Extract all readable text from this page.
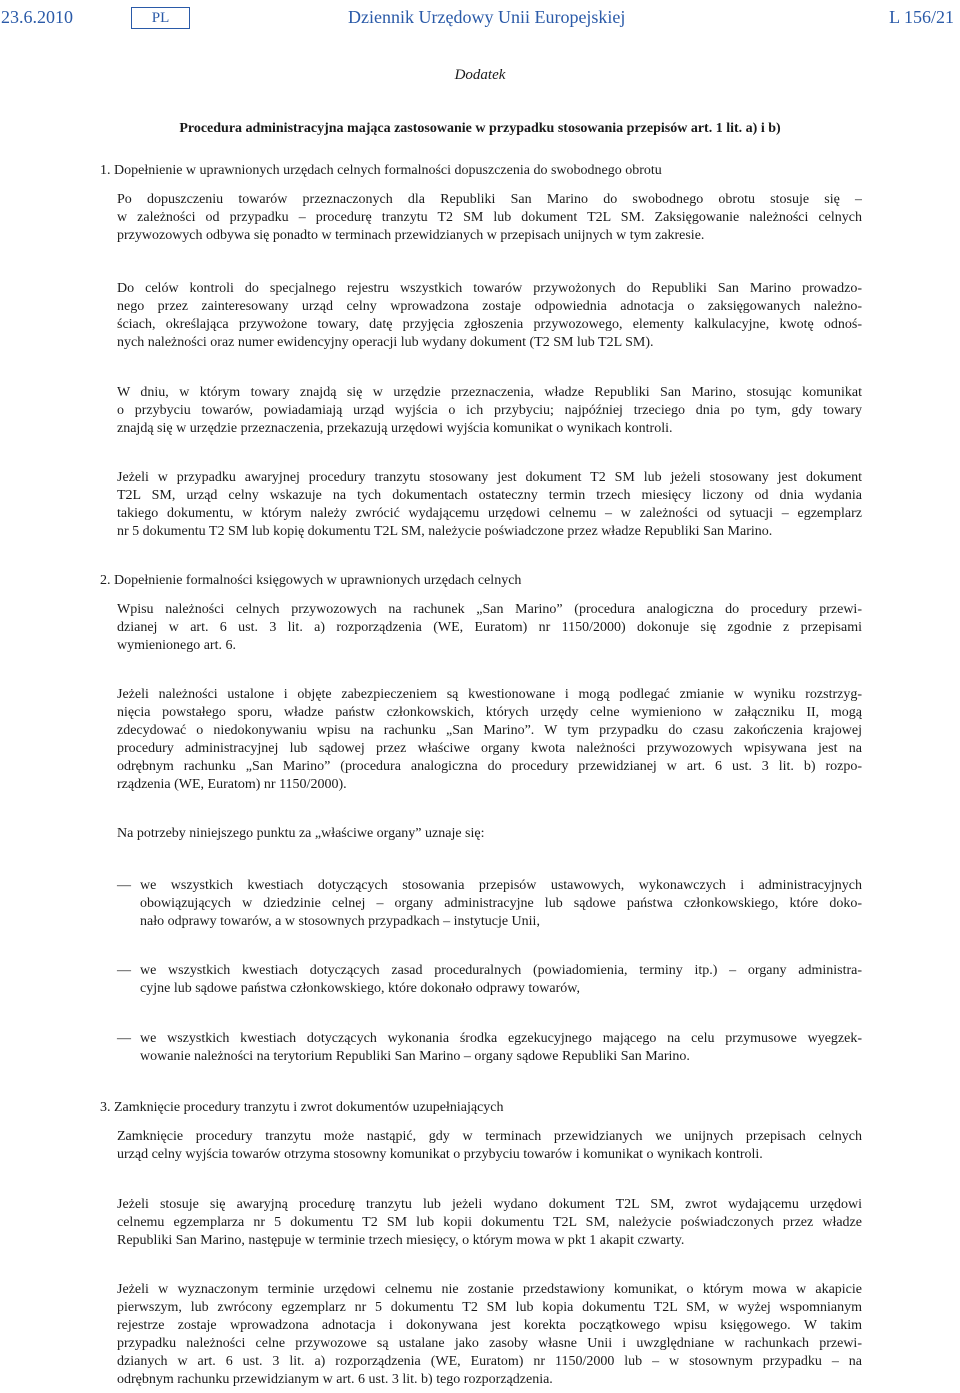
23.6.2010	PL	Dziennik Urzędowy Unii Europejskiej	L 156/21
Dodatek
Procedura administracyjna mająca zastosowanie w przypadku stosowania przepisów art. 1 lit. a) i b)
1. Dopełnienie w uprawnionych urzędach celnych formalności dopuszczenia do swobodnego obrotu
Po dopuszczeniu towarów przeznaczonych dla Republiki San Marino do swobodnego obrotu stosuje się –
w zależności od przypadku – procedurę tranzytu T2 SM lub dokument T2L SM. Zaksięgowanie należności celnych
przywozowych odbywa się ponadto w terminach przewidzianych w przepisach unijnych w tym zakresie.
Do celów kontroli do specjalnego rejestru wszystkich towarów przywożonych do Republiki San Marino prowadzo-
nego przez zainteresowany urząd celny wprowadzona zostaje odpowiednia adnotacja o zaksięgowanych należno-
ściach, określająca przywożone towary, datę przyjęcia zgłoszenia przywozowego, elementy kalkulacyjne, kwotę odnoś-
nych należności oraz numer ewidencyjny operacji lub wydany dokument (T2 SM lub T2L SM).
W dniu, w którym towary znajdą się w urzędzie przeznaczenia, władze Republiki San Marino, stosując komunikat
o przybyciu towarów, powiadamiają urząd wyjścia o ich przybyciu; najpóźniej trzeciego dnia po tym, gdy towary
znajdą się w urzędzie przeznaczenia, przekazują urzędowi wyjścia komunikat o wynikach kontroli.
Jeżeli w przypadku awaryjnej procedury tranzytu stosowany jest dokument T2 SM lub jeżeli stosowany jest dokument
T2L SM, urząd celny wskazuje na tych dokumentach ostateczny termin trzech miesięcy liczony od dnia wydania
takiego dokumentu, w którym należy zwrócić wydającemu urzędowi celnemu – w zależności od sytuacji – egzemplarz
nr 5 dokumentu T2 SM lub kopię dokumentu T2L SM, należycie poświadczone przez władze Republiki San Marino.
2. Dopełnienie formalności księgowych w uprawnionych urzędach celnych
Wpisu należności celnych przywozowych na rachunek „San Marino” (procedura analogiczna do procedury przewi-
dzianej w art. 6 ust. 3 lit. a) rozporządzenia (WE, Euratom) nr 1150/2000) dokonuje się zgodnie z przepisami
wymienionego art. 6.
Jeżeli należności ustalone i objęte zabezpieczeniem są kwestionowane i mogą podlegać zmianie w wyniku rozstrzyg-
nięcia powstałego sporu, władze państw członkowskich, których urzędy celne wymieniono w załączniku II, mogą
zdecydować o niedokonywaniu wpisu na rachunku „San Marino”. W tym przypadku do czasu zakończenia krajowej
procedury administracyjnej lub sądowej przez właściwe organy kwota należności przywozowych wpisywana jest na
odrębnym rachunku „San Marino” (procedura analogiczna do procedury przewidzianej w art. 6 ust. 3 lit. b) rozpo-
rządzenia (WE, Euratom) nr 1150/2000).
Na potrzeby niniejszego punktu za „właściwe organy” uznaje się:
— we wszystkich kwestiach dotyczących stosowania przepisów ustawowych, wykonawczych i administracyjnych
obowiązujących w dziedzinie celnej – organy administracyjne lub sądowe państwa członkowskiego, które doko-
nało odprawy towarów, a w stosownych przypadkach – instytucje Unii,
— we wszystkich kwestiach dotyczących zasad proceduralnych (powiadomienia, terminy itp.) – organy administra-
cyjne lub sądowe państwa członkowskiego, które dokonało odprawy towarów,
— we wszystkich kwestiach dotyczących wykonania środka egzekucyjnego mającego na celu przymusowe wyegzek-
wowanie należności na terytorium Republiki San Marino – organy sądowe Republiki San Marino.
3. Zamknięcie procedury tranzytu i zwrot dokumentów uzupełniających
Zamknięcie procedury tranzytu może nastąpić, gdy w terminach przewidzianych we unijnych przepisach celnych
urząd celny wyjścia towarów otrzyma stosowny komunikat o przybyciu towarów i komunikat o wynikach kontroli.
Jeżeli stosuje się awaryjną procedurę tranzytu lub jeżeli wydano dokument T2L SM, zwrot wydającemu urzędowi
celnemu egzemplarza nr 5 dokumentu T2 SM lub kopii dokumentu T2L SM, należycie poświadczonych przez władze
Republiki San Marino, następuje w terminie trzech miesięcy, o którym mowa w pkt 1 akapit czwarty.
Jeżeli w wyznaczonym terminie urzędowi celnemu nie zostanie przedstawiony komunikat, o którym mowa w akapicie
pierwszym, lub zwrócony egzemplarz nr 5 dokumentu T2 SM lub kopia dokumentu T2L SM, w wyżej wspomnianym
rejestrze zostaje wprowadzona adnotacja i dokonywana jest korekta początkowego wpisu księgowego. W takim
przypadku należności celne przywozowe są ustalane jako zasoby własne Unii i uwzględniane w rachunkach przewi-
dzianych w art. 6 ust. 3 lit. a) rozporządzenia (WE, Euratom) nr 1150/2000 lub – w stosownym przypadku – na
odrębnym rachunku przewidzianym w art. 6 ust. 3 lit. b) tego rozporządzenia.
